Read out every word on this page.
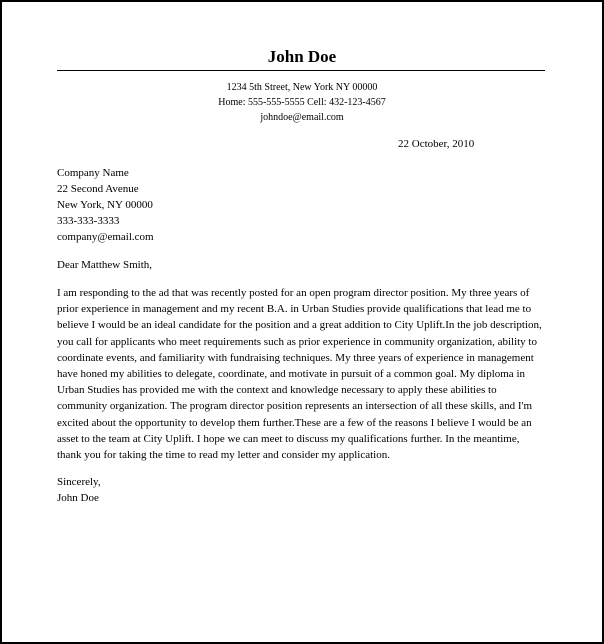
John Doe
1234 5th Street, New York NY 00000
Home: 555-555-5555 Cell: 432-123-4567
johndoe@email.com
22 October, 2010
Company Name
22 Second Avenue
New York, NY 00000
333-333-3333
company@email.com
Dear Matthew Smith,
I am responding to the ad that was recently posted for an open program director position. My three years of
prior experience in management and my recent B.A. in Urban Studies provide qualifications that lead me to
believe I would be an ideal candidate for the position and a great addition to City Uplift.In the job description,
you call for applicants who meet requirements such as prior experience in community organization, ability to
coordinate events, and familiarity with fundraising techniques. My three years of experience in management
have honed my abilities to delegate, coordinate, and motivate in pursuit of a common goal. My diploma in
Urban Studies has provided me with the context and knowledge necessary to apply these abilities to
community organization. The program director position represents an intersection of all these skills, and I'm
excited about the opportunity to develop them further.These are a few of the reasons I believe I would be an
asset to the team at City Uplift. I hope we can meet to discuss my qualifications further. In the meantime,
thank you for taking the time to read my letter and consider my application.
Sincerely,
John Doe
